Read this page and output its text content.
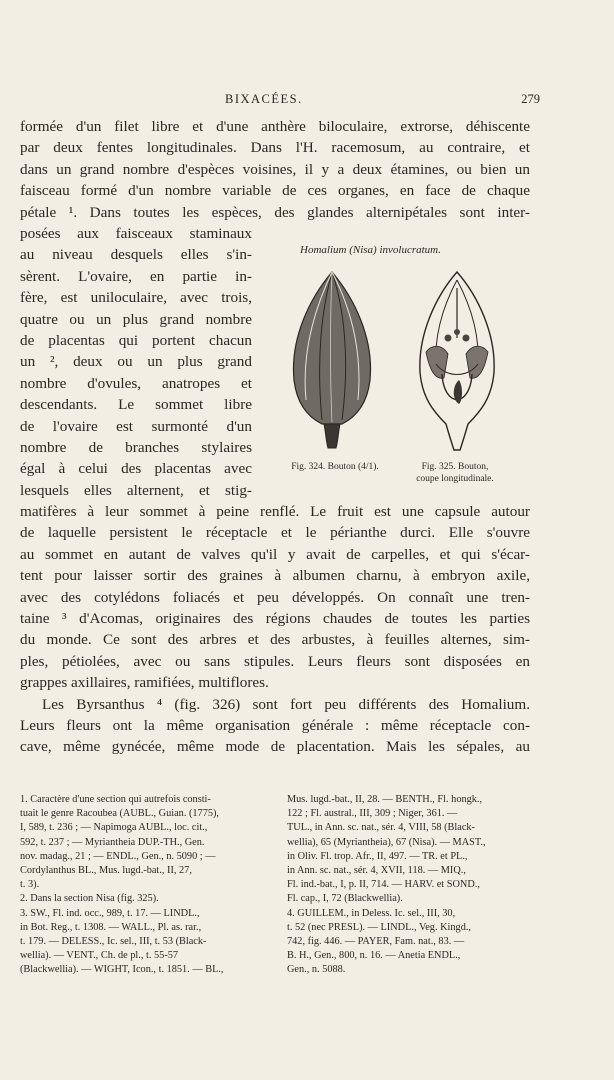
BIXACÉES.	279
formée d'un filet libre et d'une anthère biloculaire, extrorse, déhiscente
par deux fentes longitudinales. Dans l'H. racemosum, au contraire, et
dans un grand nombre d'espèces voisines, il y a deux étamines, ou bien un
faisceau formé d'un nombre variable de ces organes, en face de chaque
pétale ¹. Dans toutes les espèces, des glandes alternipétales sont inter-
posées aux faisceaux staminaux
au niveau desquels elles s'in-
sèrent. L'ovaire, en partie in-
fère, est uniloculaire, avec trois,
quatre ou un plus grand nombre
de placentas qui portent chacun
un ², deux ou un plus grand
nombre d'ovules, anatropes et
descendants. Le sommet libre
de l'ovaire est surmonté d'un
nombre de branches stylaires
égal à celui des placentas avec
lesquels elles alternent, et stig-
Homalium (Nisa) involucratum.
Fig. 324. Bouton (4/1).	Fig. 325. Bouton,
coupe longitudinale.
matifères à leur sommet à peine renflé. Le fruit est une capsule autour
de laquelle persistent le réceptacle et le périanthe durci. Elle s'ouvre
au sommet en autant de valves qu'il y avait de carpelles, et qui s'écar-
tent pour laisser sortir des graines à albumen charnu, à embryon axile,
avec des cotylédons foliacés et peu développés. On connaît une tren-
taine ³ d'Acomas, originaires des régions chaudes de toutes les parties
du monde. Ce sont des arbres et des arbustes, à feuilles alternes, sim-
ples, pétiolées, avec ou sans stipules. Leurs fleurs sont disposées en
grappes axillaires, ramifiées, multiflores.
Les Byrsanthus ⁴ (fig. 326) sont fort peu différents des Homalium.
Leurs fleurs ont la même organisation générale : même réceptacle con-
cave, même gynécée, même mode de placentation. Mais les sépales, au
1. Caractère d'une section qui autrefois consti-
tuait le genre Racoubea (AUBL., Guian. (1775),
I, 589, t. 236 ; — Napimoga AUBL., loc. cit.,
592, t. 237 ; — Myriantheia DUP.-TH., Gen.
nov. madag., 21 ; — ENDL., Gen., n. 5090 ; —
Cordylanthus BL., Mus. lugd.-bat., II, 27,
t. 3).
2. Dans la section Nisa (fig. 325).
3. SW., Fl. ind. occ., 989, t. 17. — LINDL.,
in Bot. Reg., t. 1308. — WALL., Pl. as. rar.,
t. 179. — DELESS., Ic. sel., III, t. 53 (Black-
wellia). — VENT., Ch. de pl., t. 55-57
(Blackwellia). — WIGHT, Icon., t. 1851. — BL.,
Mus. lugd.-bat., II, 28. — BENTH., Fl. hongk.,
122 ; Fl. austral., III, 309 ; Niger, 361. —
TUL., in Ann. sc. nat., sér. 4, VIII, 58 (Black-
wellia), 65 (Myriantheia), 67 (Nisa). — MAST.,
in Oliv. Fl. trop. Afr., II, 497. — TR. et PL.,
in Ann. sc. nat., sér. 4, XVII, 118. — MIQ.,
Fl. ind.-bat., I, p. II, 714. — HARV. et SOND.,
Fl. cap., I, 72 (Blackwellia).
4. GUILLEM., in Deless. Ic. sel., III, 30,
t. 52 (nec PRESL). — LINDL., Veg. Kingd.,
742, fig. 446. — PAYER, Fam. nat., 83. —
B. H., Gen., 800, n. 16. — Anetia ENDL.,
Gen., n. 5088.
